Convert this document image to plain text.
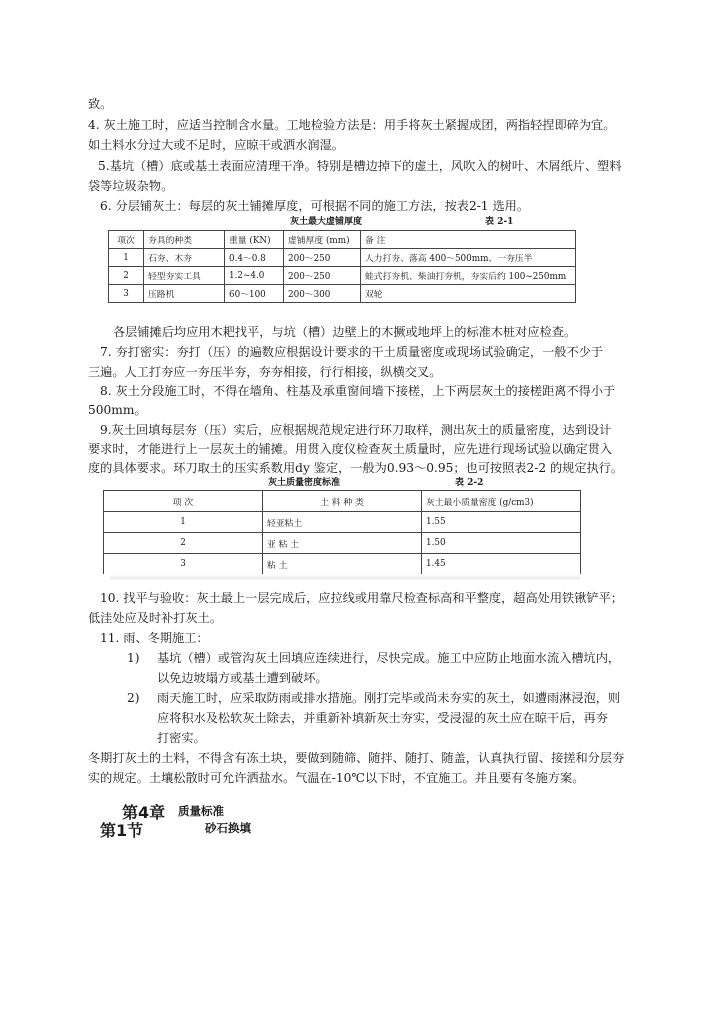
致。
4. 灰土施工时，应适当控制含水量。工地检验方法是：用手将灰土紧握成团，两指轻捏即碎为宜。
如土料水分过大或不足时，应晾干或洒水润湿。
5.基坑（槽）底或基土表面应清理干净。特别是槽边掉下的虚土，风吹入的树叶、木屑纸片、塑料
袋等垃圾杂物。
6. 分层铺灰土：每层的灰土铺摊厚度，可根据不同的施工方法，按表2-1 选用。
灰土最大虚铺厚度	表 2-1
项次	夯具的种类	重量 (KN)	虚铺厚度 (mm)	备 注
1	石夯、木夯	0.4～0.8	200～250	人力打夯、落高 400～500mm、一夯压半
2	轻型夯实工具	1.2~4.0	200～250	蛙式打夯机、柴油打夯机，夯实后约 100~250mm
3	压路机	60～100	200～300	双轮
各层铺摊后均应用木耙找平，与坑（槽）边壁上的木撅或地坪上的标准木桩对应检查。
7. 夯打密实：夯打（压）的遍数应根据设计要求的干土质量密度或现场试验确定，一般不少于
三遍。人工打夯应一夯压半夯，夯夯相接，行行相接，纵横交叉。
8. 灰土分段施工时，不得在墙角、柱基及承重窗间墙下接槎，上下两层灰土的接槎距离不得小于
500mm。
9.灰土回填每层夯（压）实后，应根据规范规定进行环刀取样，测出灰土的质量密度，达到设计
要求时，才能进行上一层灰土的铺摊。用贯入度仪检查灰土质量时，应先进行现场试验以确定贯入
度的具体要求。环刀取土的压实系数用dy 鉴定，一般为0.93～0.95；也可按照表2-2 的规定执行。
灰土质量密度标准	表 2-2
项 次	土 料 种 类	灰土最小质量密度 (g/cm3)
1	轻亚粘土	1.55
2	亚 粘 土	1.50
3	粘 土	1.45
10. 找平与验收：灰土最上一层完成后，应拉线或用靠尺检查标高和平整度，超高处用铁锹铲平；
低洼处应及时补打灰土。
11. 雨、冬期施工：
1) 基坑（槽）或管沟灰土回填应连续进行，尽快完成。施工中应防止地面水流入槽坑内，
以免边坡塌方或基土遭到破坏。
2) 雨天施工时，应采取防雨或排水措施。刚打完毕或尚未夯实的灰土，如遭雨淋浸泡，则
应将积水及松软灰土除去，并重新补填新灰土夯实，受浸湿的灰土应在晾干后，再夯
打密实。
冬期打灰土的土料，不得含有冻土块，要做到随筛、随拌、随打、随盖，认真执行留、接搓和分层夯
实的规定。土壤松散时可允许洒盐水。气温在-10℃以下时，不宜施工。并且要有冬施方案。
第4章 质量标准
第1节	砂石换填
